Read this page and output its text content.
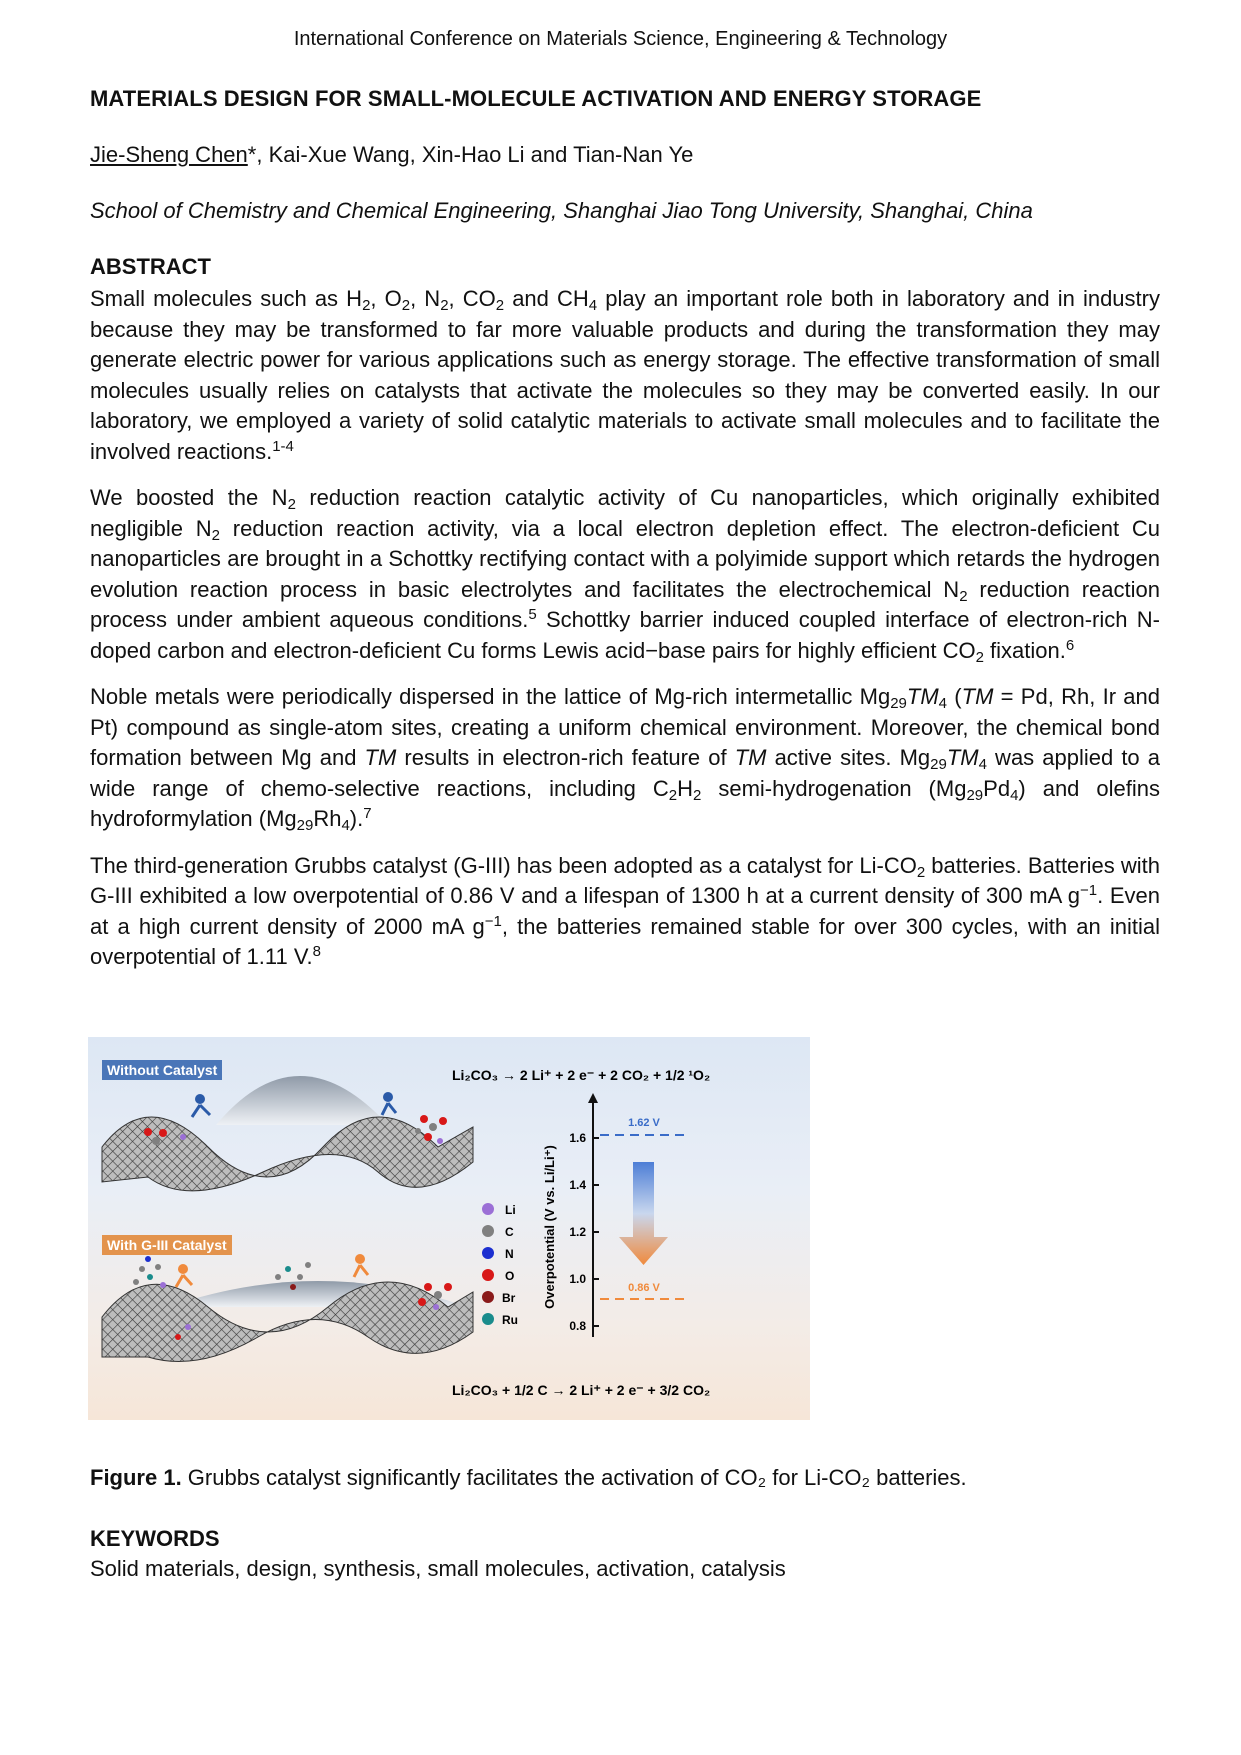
International Conference on Materials Science, Engineering & Technology
MATERIALS DESIGN FOR SMALL-MOLECULE ACTIVATION AND ENERGY STORAGE

Jie-Sheng Chen*, Kai-Xue Wang, Xin-Hao Li and Tian-Nan Ye

School of Chemistry and Chemical Engineering, Shanghai Jiao Tong University, Shanghai, China

ABSTRACT

Small molecules such as $H_2$, $O_2$, $N_2$, $CO_2$ and $CH_4$ play an important role both in laboratory and in industry because they may be transformed to far more valuable products and during the transformation they may generate electric power for various applications such as energy storage. The effective transformation of small molecules usually relies on catalysts that activate the molecules so they may be converted easily. In our laboratory, we employed a variety of solid catalytic materials to activate small molecules and to facilitate the involved reactions.$^{1-4}$

We boosted the $N_2$ reduction reaction catalytic activity of Cu nanoparticles, which originally exhibited negligible $N_2$ reduction reaction activity, via a local electron depletion effect. The electron-deficient Cu nanoparticles are brought in a Schottky rectifying contact with a polyimide support which retards the hydrogen evolution reaction process in basic electrolytes and facilitates the electrochemical $N_2$ reduction reaction process under ambient aqueous conditions.$^5$ Schottky barrier induced coupled interface of electron-rich N-doped carbon and electron-deficient Cu forms Lewis acid−base pairs for highly efficient $CO_2$ fixation.$^6$

Noble metals were periodically dispersed in the lattice of Mg-rich intermetallic $Mg_{29}TM_4$ (TM = Pd, Rh, Ir and Pt) compound as single-atom sites, creating a uniform chemical environment. Moreover, the chemical bond formation between Mg and TM results in electron-rich feature of TM active sites. $Mg_{29}TM_4$ was applied to a wide range of chemo-selective reactions, including $C_2H_2$ semi-hydrogenation $(Mg_{29}Pd_4)$ and olefins hydroformylation $(Mg_{29}Rh_4).^7$

The third-generation Grubbs catalyst (G-III) has been adopted as a catalyst for $Li-CO_2$ batteries. Batteries with G-III exhibited a low overpotential of 0.86 V and a lifespan of 1300 h at a current density of 300 mA $g^{-1}$. Even at a high current density of 2000 mA $g^{-1}$, the batteries remained stable for over 300 cycles, with an initial overpotential of 1.11 V.$^8$

1.6
1.4
1.2
1.0
0.8
Overpotential (V vs. Li/Li⁺)
1.62 V
0.86 V
Li
C
N
O
Br
Ru
Li₂CO₃ → 2 Li⁺ + 2 e⁻ + 2 CO₂ + 1/2 ¹O₂
Li₂CO₃ + 1/2 C → 2 Li⁺ + 2 e⁻ + 3/2 CO₂
Without Catalyst
With G-III Catalyst
Figure 1. Grubbs catalyst significantly facilitates the activation of CO₂ for Li-CO₂ batteries.
KEYWORDS
Solid materials, design, synthesis, small molecules, activation, catalysis
